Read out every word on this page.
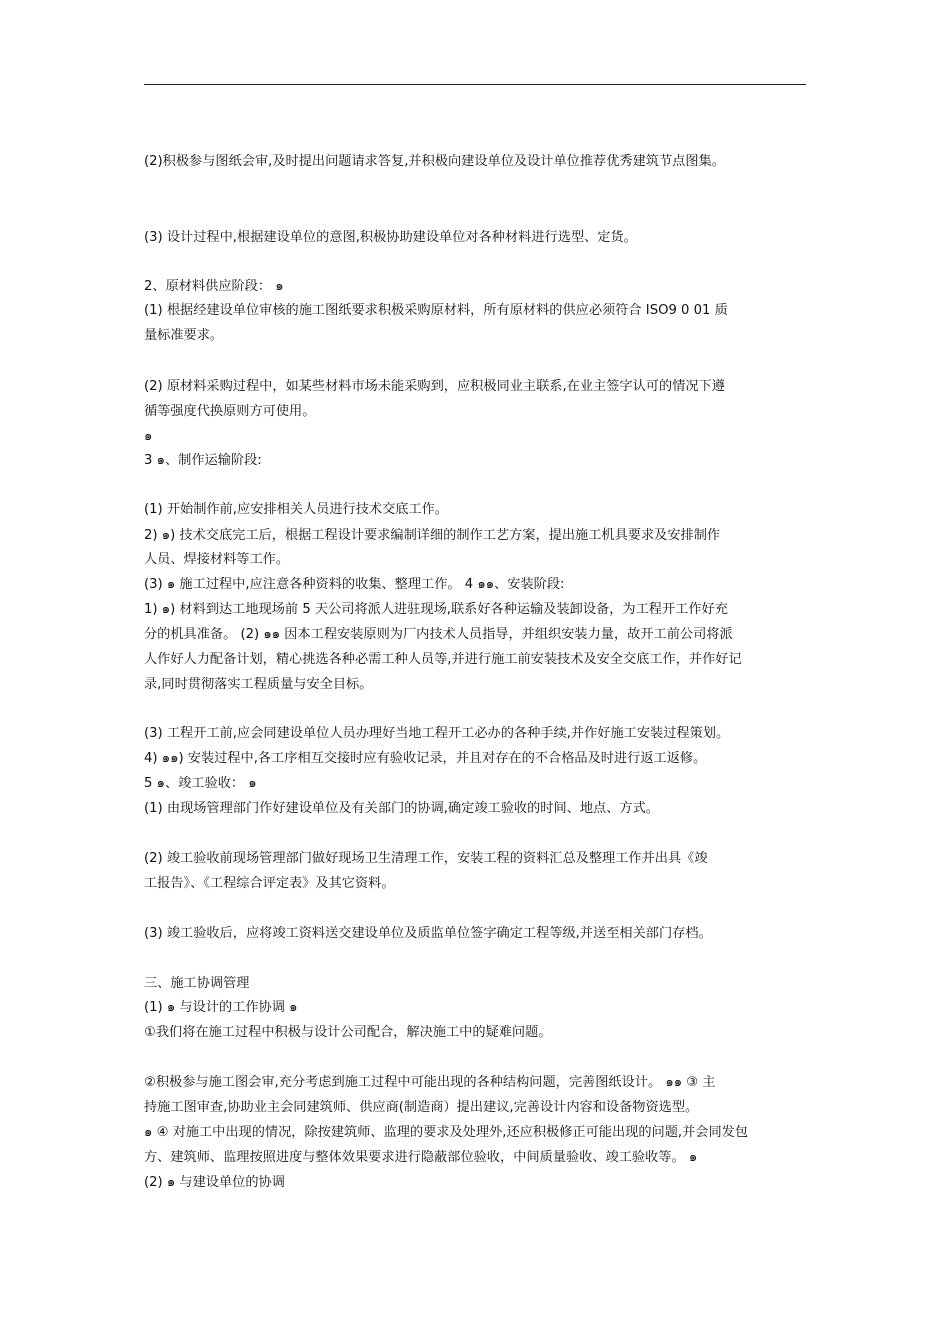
(2)积极参与图纸会审,及时提出问题请求答复,并积极向建设单位及设计单位推荐优秀建筑节点图集。
(3) 设计过程中,根据建设单位的意图,积极协助建设单位对各种材料进行选型、定货。
2、原材料供应阶段： ๑
(1) 根据经建设单位审核的施工图纸要求积极采购原材料，所有原材料的供应必须符合 ISO9 0 01 质
量标准要求。
(2) 原材料采购过程中，如某些材料市场未能采购到，应积极同业主联系,在业主签字认可的情况下遵
循等强度代换原则方可使用。
๑
3 ๑、制作运输阶段:
(1) 开始制作前,应安排相关人员进行技术交底工作。
2) ๑) 技术交底完工后，根据工程设计要求编制详细的制作工艺方案，提出施工机具要求及安排制作
人员、焊接材料等工作。
(3) ๑ 施工过程中,应注意各种资料的收集、整理工作。 4 ๑๑、安装阶段:
1) ๑) 材料到达工地现场前 5 天公司将派人进驻现场,联系好各种运输及装卸设备，为工程开工作好充
分的机具准备。 (2) ๑๑ 因本工程安装原则为厂内技术人员指导，并组织安装力量，故开工前公司将派
人作好人力配备计划，精心挑选各种必需工种人员等,并进行施工前安装技术及安全交底工作，并作好记
录,同时贯彻落实工程质量与安全目标。
(3) 工程开工前,应会同建设单位人员办理好当地工程开工必办的各种手续,并作好施工安装过程策划。
4) ๑๑) 安装过程中,各工序相互交接时应有验收记录，并且对存在的不合格品及时进行返工返修。
5 ๑、竣工验收： ๑
(1) 由现场管理部门作好建设单位及有关部门的协调,确定竣工验收的时间、地点、方式。
(2) 竣工验收前现场管理部门做好现场卫生清理工作，安装工程的资料汇总及整理工作并出具《竣
工报告》、《工程综合评定表》及其它资料。
(3) 竣工验收后，应将竣工资料送交建设单位及质监单位签字确定工程等级,并送至相关部门存档。
三、施工协调管理
(1) ๑ 与设计的工作协调 ๑
①我们将在施工过程中积极与设计公司配合，解决施工中的疑难问题。
②积极参与施工图会审,充分考虑到施工过程中可能出现的各种结构问题，完善图纸设计。 ๑๑ ③ 主
持施工图审查,协助业主会同建筑师、供应商(制造商）提出建议,完善设计内容和设备物资选型。
๑ ④ 对施工中出现的情况，除按建筑师、监理的要求及处理外,还应积极修正可能出现的问题,并会同发包
方、建筑师、监理按照进度与整体效果要求进行隐蔽部位验收，中间质量验收、竣工验收等。 ๑
(2) ๑ 与建设单位的协调
